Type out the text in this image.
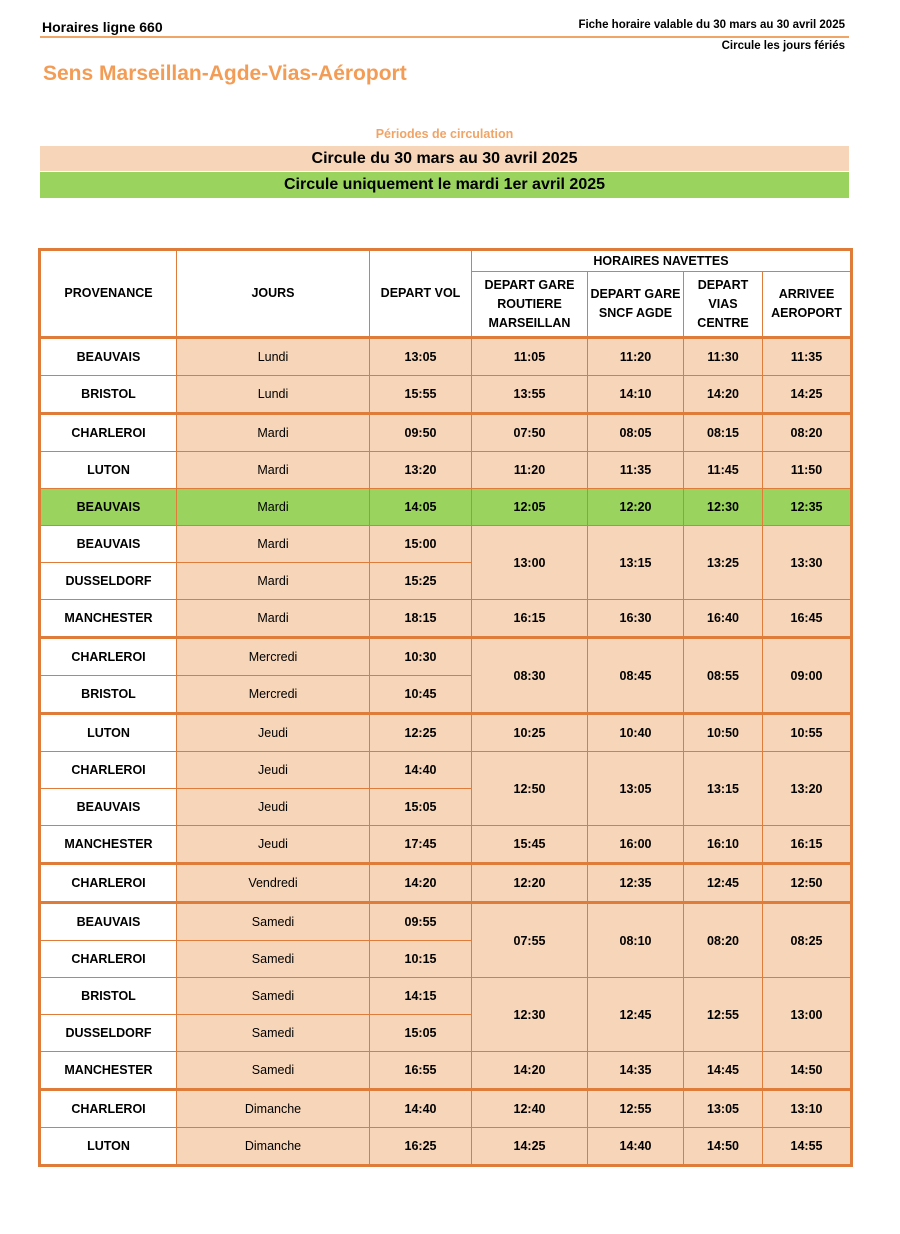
Horaires ligne 660	Fiche horaire valable du 30 mars au 30 avril 2025
Circule les jours fériés
Sens Marseillan-Agde-Vias-Aéroport
Périodes de circulation
Circule du 30 mars au 30 avril 2025
Circule uniquement le mardi 1er avril 2025
PROVENANCE	JOURS	DEPART VOL	HORAIRES NAVETTES			
			DEPART GARE ROUTIERE MARSEILLAN	DEPART GARE SNCF AGDE	DEPART VIAS CENTRE	ARRIVEE AEROPORT
BEAUVAIS	Lundi	13:05	11:05	11:20	11:30	11:35
BRISTOL	Lundi	15:55	13:55	14:10	14:20	14:25
CHARLEROI	Mardi	09:50	07:50	08:05	08:15	08:20
LUTON	Mardi	13:20	11:20	11:35	11:45	11:50
BEAUVAIS	Mardi	14:05	12:05	12:20	12:30	12:35
BEAUVAIS	Mardi	15:00	13:00	13:15	13:25	13:30
DUSSELDORF	Mardi	15:25				
MANCHESTER	Mardi	18:15	16:15	16:30	16:40	16:45
CHARLEROI	Mercredi	10:30	08:30	08:45	08:55	09:00
BRISTOL	Mercredi	10:45				
LUTON	Jeudi	12:25	10:25	10:40	10:50	10:55
CHARLEROI	Jeudi	14:40	12:50	13:05	13:15	13:20
BEAUVAIS	Jeudi	15:05				
MANCHESTER	Jeudi	17:45	15:45	16:00	16:10	16:15
CHARLEROI	Vendredi	14:20	12:20	12:35	12:45	12:50
BEAUVAIS	Samedi	09:55	07:55	08:10	08:20	08:25
CHARLEROI	Samedi	10:15				
BRISTOL	Samedi	14:15	12:30	12:45	12:55	13:00
DUSSELDORF	Samedi	15:05				
MANCHESTER	Samedi	16:55	14:20	14:35	14:45	14:50
CHARLEROI	Dimanche	14:40	12:40	12:55	13:05	13:10
LUTON	Dimanche	16:25	14:25	14:40	14:50	14:55
